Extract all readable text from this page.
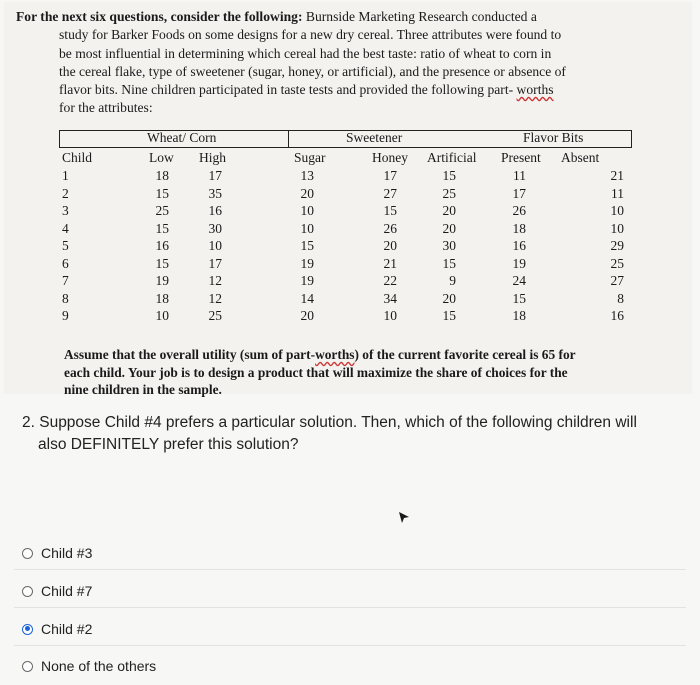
For the next six questions, consider the following: Burnside Marketing Research conducted a
study for Barker Foods on some designs for a new dry cereal. Three attributes were found to
be most influential in determining which cereal had the best taste: ratio of wheat to corn in
the cereal flake, type of sweetener (sugar, honey, or artificial), and the presence or absence of
flavor bits. Nine children participated in taste tests and provided the following part- worths
for the attributes:
Wheat/ Corn	Sweetener	Flavor Bits
Child	Low High	Sugar	Honey Artificial Present Absent
1	18	17	13	17	15	11	21
2	15	35	20	27	25	17	11
3	25	16	10	15	20	26	10
4	15	30	10	26	20	18	10
5	16	10	15	20	30	16	29
6	15	17	19	21	15	19	25
7	19	12	19	22	9	24	27
8	18	12	14	34	20	15	8
9	10	25	20	10	15	18	16
Assume that the overall utility (sum of part-worths) of the current favorite cereal is 65 for
each child. Your job is to design a product that will maximize the share of choices for the
nine children in the sample.
2. Suppose Child #4 prefers a particular solution. Then, which of the following children will
also DEFINITELY prefer this solution?
Child #3
Child #7
Child #2
None of the others
